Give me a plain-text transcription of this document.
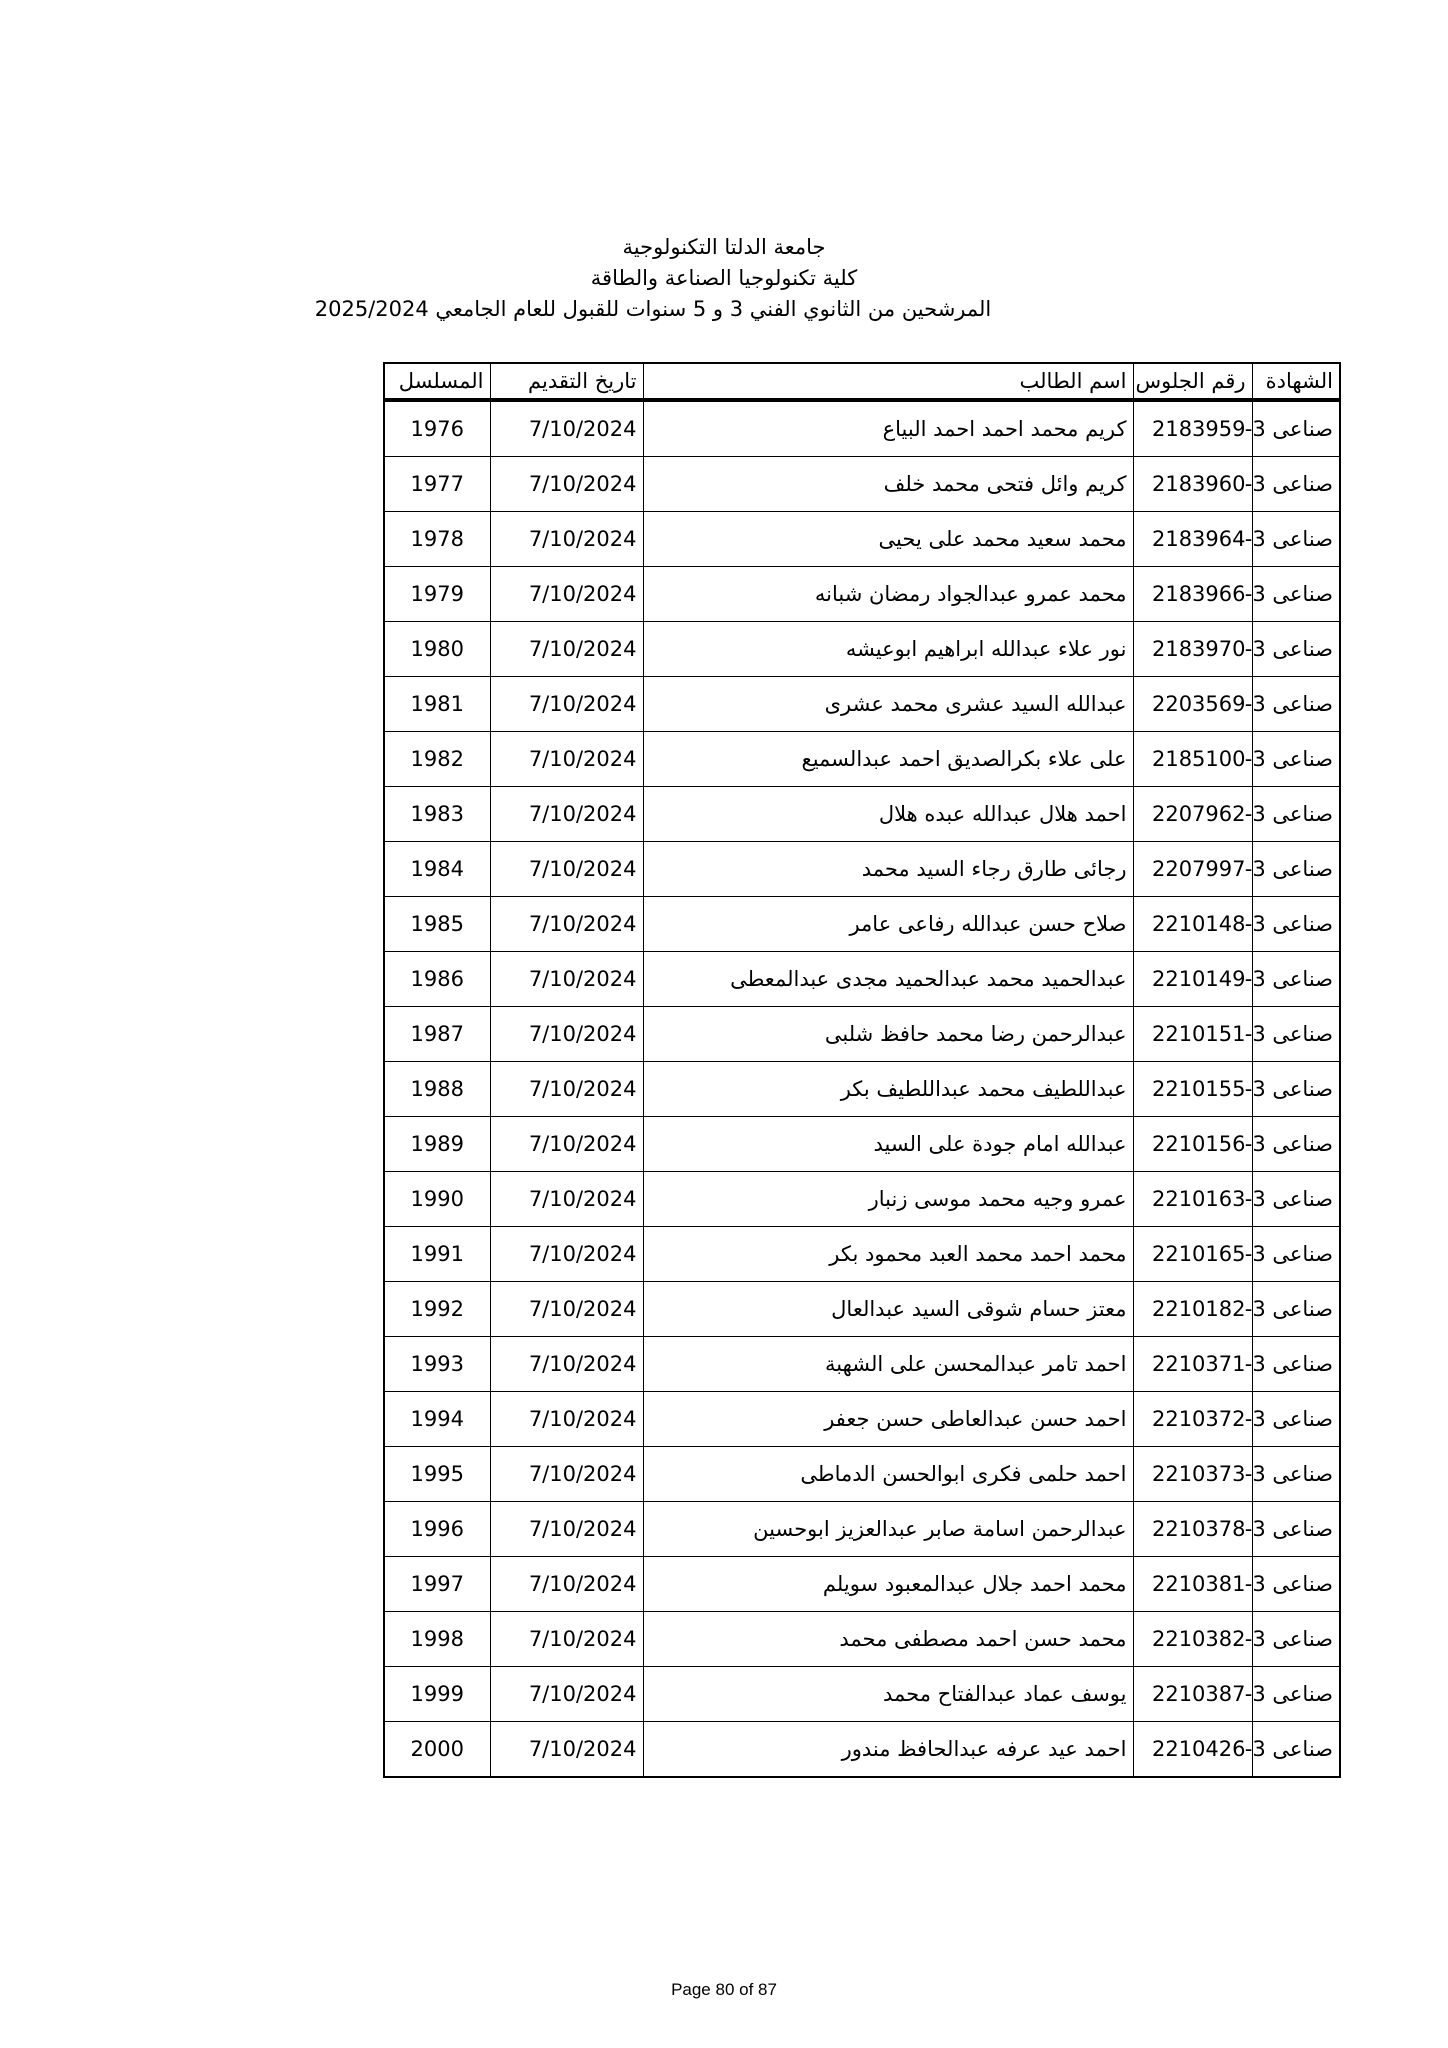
جامعة الدلتا التكنولوجية
كلية تكنولوجيا الصناعة والطاقة
المرشحين من الثانوي الفني 3 و 5 سنوات للقبول للعام الجامعي 2025/2024
الشهادة	رقم الجلوس	اسم الطالب	تاريخ التقديم	المسلسل
صناعى 3-	2183959	كريم محمد احمد احمد البياع	7/10/2024	1976
صناعى 3-	2183960	كريم وائل فتحى محمد خلف	7/10/2024	1977
صناعى 3-	2183964	محمد سعيد محمد على يحيى	7/10/2024	1978
صناعى 3-	2183966	محمد عمرو عبدالجواد رمضان شبانه	7/10/2024	1979
صناعى 3-	2183970	نور علاء عبدالله ابراهيم ابوعيشه	7/10/2024	1980
صناعى 3-	2203569	عبدالله السيد عشرى محمد عشرى	7/10/2024	1981
صناعى 3-	2185100	على علاء بكرالصديق احمد عبدالسميع	7/10/2024	1982
صناعى 3-	2207962	احمد هلال عبدالله عبده هلال	7/10/2024	1983
صناعى 3-	2207997	رجائى طارق رجاء السيد محمد	7/10/2024	1984
صناعى 3-	2210148	صلاح حسن عبدالله رفاعى عامر	7/10/2024	1985
صناعى 3-	2210149	عبدالحميد محمد عبدالحميد مجدى عبدالمعطى	7/10/2024	1986
صناعى 3-	2210151	عبدالرحمن رضا محمد حافظ شلبى	7/10/2024	1987
صناعى 3-	2210155	عبداللطيف محمد عبداللطيف بكر	7/10/2024	1988
صناعى 3-	2210156	عبدالله امام جودة على السيد	7/10/2024	1989
صناعى 3-	2210163	عمرو وجيه محمد موسى زنبار	7/10/2024	1990
صناعى 3-	2210165	محمد احمد محمد العبد محمود بكر	7/10/2024	1991
صناعى 3-	2210182	معتز حسام شوقى السيد عبدالعال	7/10/2024	1992
صناعى 3-	2210371	احمد تامر عبدالمحسن على الشهبة	7/10/2024	1993
صناعى 3-	2210372	احمد حسن عبدالعاطى حسن جعفر	7/10/2024	1994
صناعى 3-	2210373	احمد حلمى فكرى ابوالحسن الدماطى	7/10/2024	1995
صناعى 3-	2210378	عبدالرحمن اسامة صابر عبدالعزيز ابوحسين	7/10/2024	1996
صناعى 3-	2210381	محمد احمد جلال عبدالمعبود سويلم	7/10/2024	1997
صناعى 3-	2210382	محمد حسن احمد مصطفى محمد	7/10/2024	1998
صناعى 3-	2210387	يوسف عماد عبدالفتاح محمد	7/10/2024	1999
صناعى 3-	2210426	احمد عيد عرفه عبدالحافظ مندور	7/10/2024	2000
Page 80 of 87
